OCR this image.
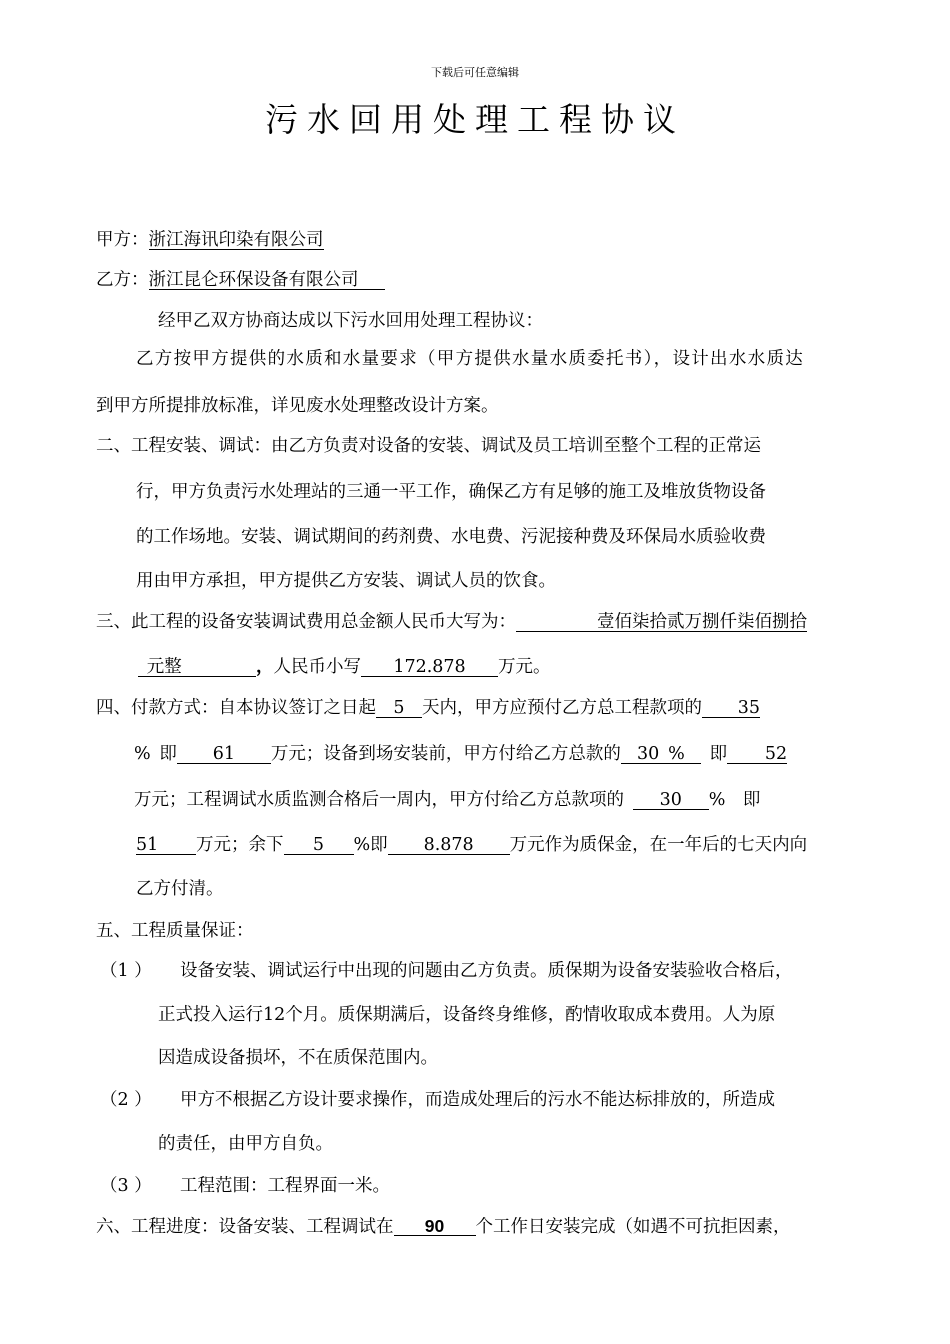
下载后可任意编辑
污水回用处理工程协议
甲方：浙江海讯印染有限公司
乙方：浙江昆仑环保设备有限公司  
经甲乙双方协商达成以下污水回用处理工程协议：
乙方按甲方提供的水质和水量要求（甲方提供水量水质委托书），设计出水水质达
到甲方所提排放标准，详见废水处理整改设计方案。
二、工程安装、调试：由乙方负责对设备的安装、调试及员工培训至整个工程的正常运
行，甲方负责污水处理站的三通一平工作，确保乙方有足够的施工及堆放货物设备
的工作场地。安装、调试期间的药剂费、水电费、污泥接种费及环保局水质验收费
用由甲方承担，甲方提供乙方安装、调试人员的饮食。
三、此工程的设备安装调试费用总金额人民币大写为：	壹佰柒拾贰万捌仟柒佰捌拾
 元整	，人民币小写 172.878 万元。
四、付款方式：自本协议签订之日起 5 天内，甲方应预付乙方总工程款项的 35
%  即 61 万元；设备到场安装前，甲方付给乙方总款的 30  %  即 52
万元；工程调试水质监测合格后一周内，甲方付给乙方总款项的  30 %  即
51 万元；余下 5 %即 8.878 万元作为质保金，在一年后的七天内向
乙方付清。
五、工程质量保证：
（1 ） 设备安装、调试运行中出现的问题由乙方负责。质保期为设备安装验收合格后，
正式投入运行12个月。质保期满后，设备终身维修，酌情收取成本费用。人为原
因造成设备损坏，不在质保范围内。
（2 ） 甲方不根据乙方设计要求操作，而造成处理后的污水不能达标排放的，所造成
的责任，由甲方自负。
（3 ） 工程范围：工程界面一米。
六、工程进度：设备安装、工程调试在 90 个工作日安装完成（如遇不可抗拒因素，
